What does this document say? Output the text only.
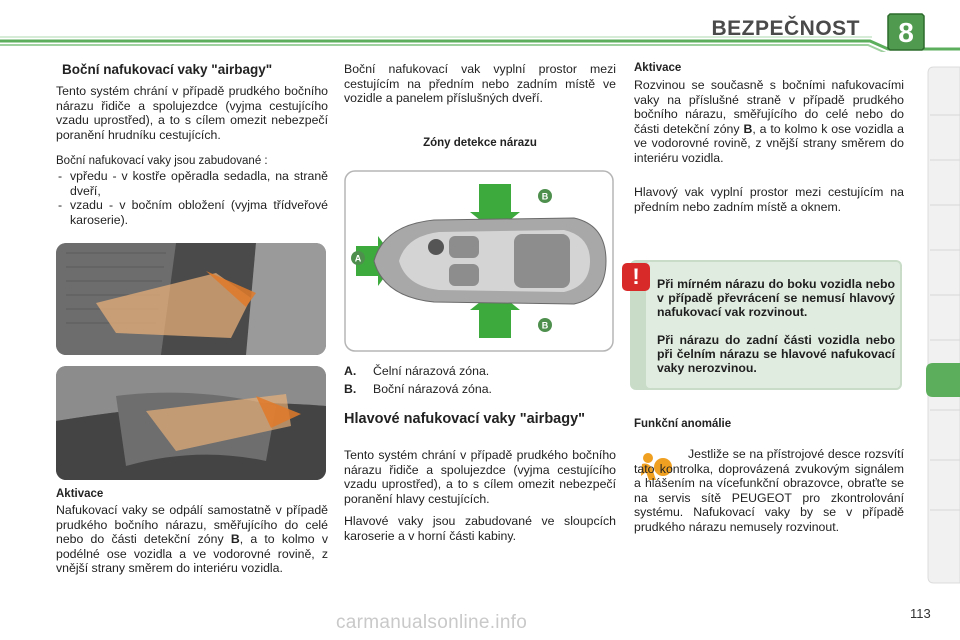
BEZPEČNOST 8
Boční nafukovací vaky "airbagy"
Tento systém chrání v případě prudkého bočního nárazu řidiče a spolujezdce (vyjma cestujícího vzadu uprostřed), a to s cílem omezit nebezpečí poranění hrudníku cestujících.
Boční nafukovací vaky jsou zabudované :
- vpředu - v kostře opěradla sedadla, na straně dveří,
- vzadu - v bočním obložení (vyjma třídveřové karoserie).
Aktivace
Nafukovací vaky se odpálí samostatně v případě prudkého bočního nárazu, směřujícího do celé nebo do části detekční zóny B, a to kolmo v podélné ose vozidla a ve vodorovné rovině, z vnější strany směrem do interiéru vozidla.
Boční nafukovací vak vyplní prostor mezi cestujícím na předním nebo zadním místě ve vozidle a panelem příslušných dveří.
Zóny detekce nárazu
A
B
B
A. Čelní nárazová zóna.
B. Boční nárazová zóna.
Hlavové nafukovací vaky "airbagy"
Tento systém chrání v případě prudkého bočního nárazu řidiče a spolujezdce (vyjma cestujícího vzadu uprostřed), a to s cílem omezit nebezpečí poranění hlavy cestujících.
Hlavové vaky jsou zabudované ve sloupcích karoserie a v horní části kabiny.
Aktivace
Rozvinou se současně s bočními nafukovacími vaky na příslušné straně v případě prudkého bočního nárazu, směřujícího do celé nebo do části detekční zóny B, a to kolmo k ose vozidla a ve vodorovné rovině, z vnější strany směrem do interiéru vozidla.
Hlavový vak vyplní prostor mezi cestujícím na předním nebo zadním místě a oknem.
!	Při mírném nárazu do boku vozidla nebo v případě převrácení se nemusí hlavový nafukovací vak rozvinout.
Při nárazu do zadní části vozidla nebo při čelním nárazu se hlavové nafukovací vaky nerozvinou.
Funkční anomálie
Jestliže se na přístrojové desce rozsvítí tato kontrolka, doprovázená zvukovým signálem a hlášením na vícefunkční obrazovce, obraťte se na servis sítě PEUGEOT pro zkontrolování systému. Nafukovací vaky by se v případě prudkého nárazu nemusely rozvinout.
carmanualsonline.info	113
